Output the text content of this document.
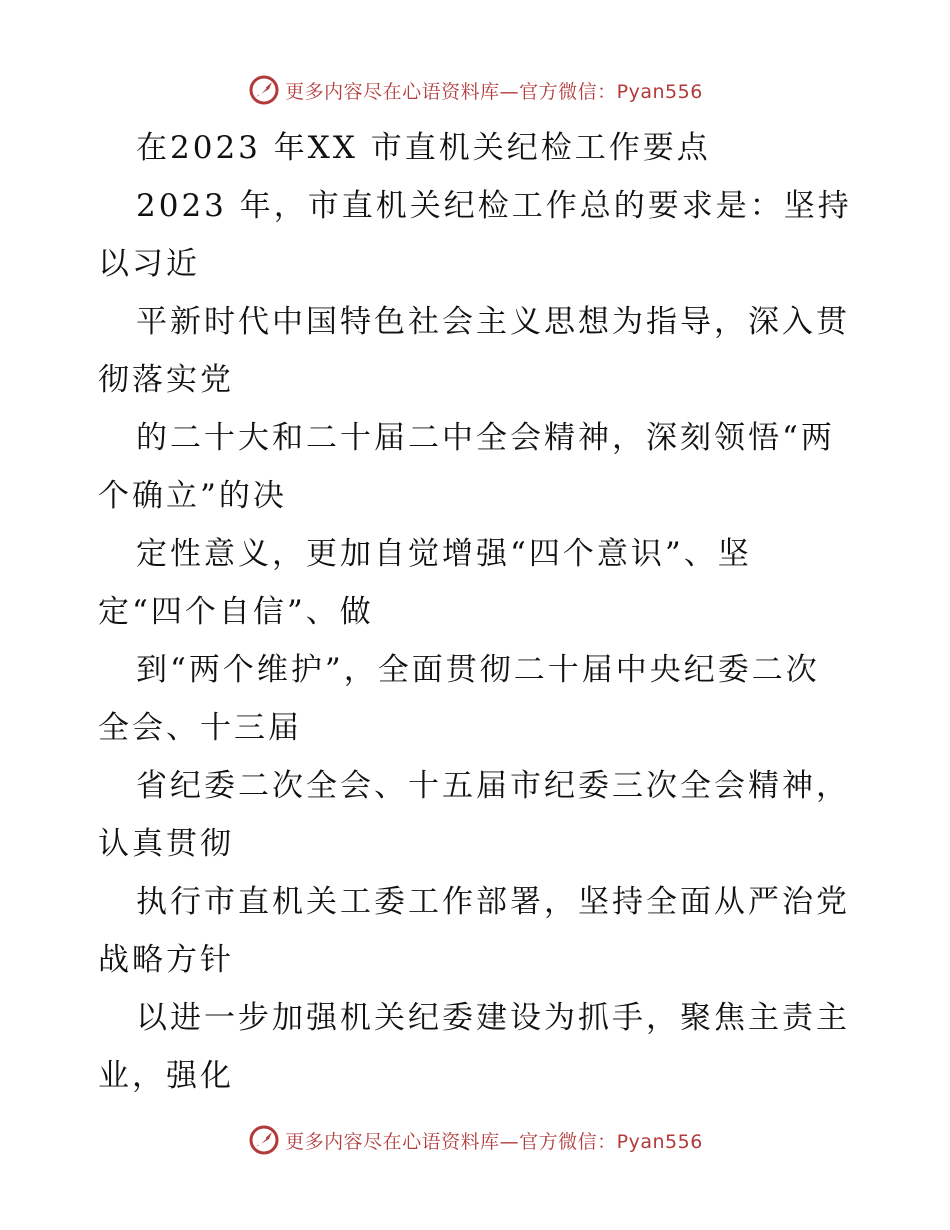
更多内容尽在心语资料库—官方微信：Pyan556
在2023 年XX 市直机关纪检工作要点
2023 年，市直机关纪检工作总的要求是：坚持
以习近
平新时代中国特色社会主义思想为指导，深入贯
彻落实党
的二十大和二十届二中全会精神，深刻领悟“两
个确立”的决
定性意义，更加自觉增强“四个意识”、坚
定“四个自信”、做
到“两个维护”，全面贯彻二十届中央纪委二次
全会、十三届
省纪委二次全会、十五届市纪委三次全会精神，
认真贯彻
执行市直机关工委工作部署，坚持全面从严治党
战略方针
以进一步加强机关纪委建设为抓手，聚焦主责主
业，强化
更多内容尽在心语资料库—官方微信：Pyan556
